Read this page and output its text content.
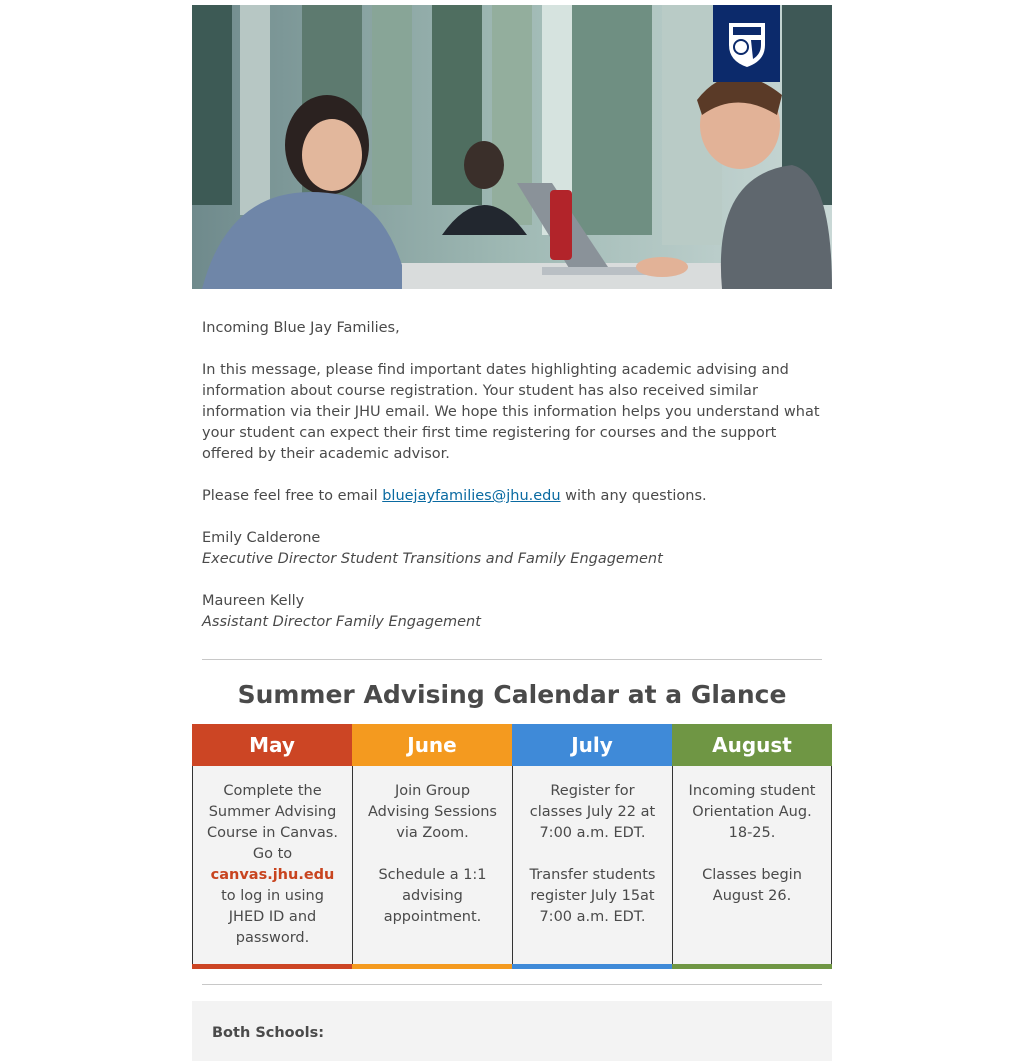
Incoming Blue Jay Families,

In this message, please find important dates highlighting academic advising and information about course registration. Your student has also received similar information via their JHU email. We hope this information helps you understand what your student can expect their first time registering for courses and the support offered by their academic advisor.

Please feel free to email bluejayfamilies@jhu.edu with any questions.

Emily Calderone
Executive Director Student Transitions and Family Engagement
Maureen Kelly
Assistant Director Family Engagement
Summer Advising Calendar at a Glance
May
Complete the Summer Advising Course in Canvas. Go to
canvas.jhu.edu
to log in using JHED ID and password.
June
Join Group Advising Sessions via Zoom.
Schedule a 1:1 advising appointment.
July
Register for classes July 22 at 7:00 a.m. EDT.
Transfer students register July 15at 7:00 a.m. EDT.
August
Incoming student Orientation Aug. 18-25.
Classes begin August 26.
Both Schools:
